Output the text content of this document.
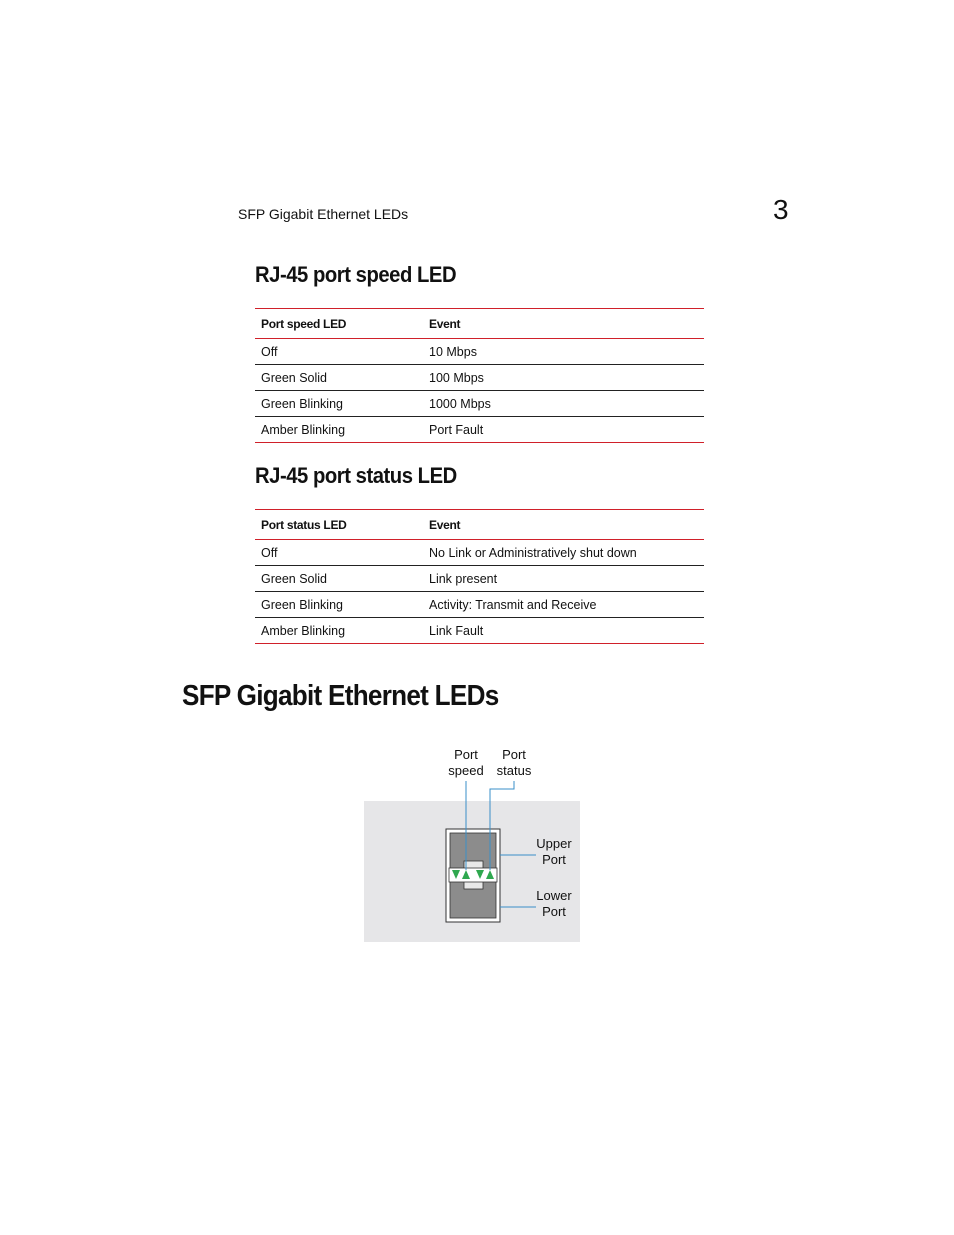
SFP Gigabit Ethernet LEDs	3
RJ-45 port speed LED
Port speed LED	Event
Off	10 Mbps
Green Solid	100 Mbps
Green Blinking	1000 Mbps
Amber Blinking	Port Fault
RJ-45 port status LED
Port status LED	Event
Off	No Link or Administratively shut down
Green Solid	Link present
Green Blinking	Activity: Transmit and Receive
Amber Blinking	Link Fault
SFP Gigabit Ethernet LEDs
Port
speed
Port
status
Upper
Port
Lower
Port
